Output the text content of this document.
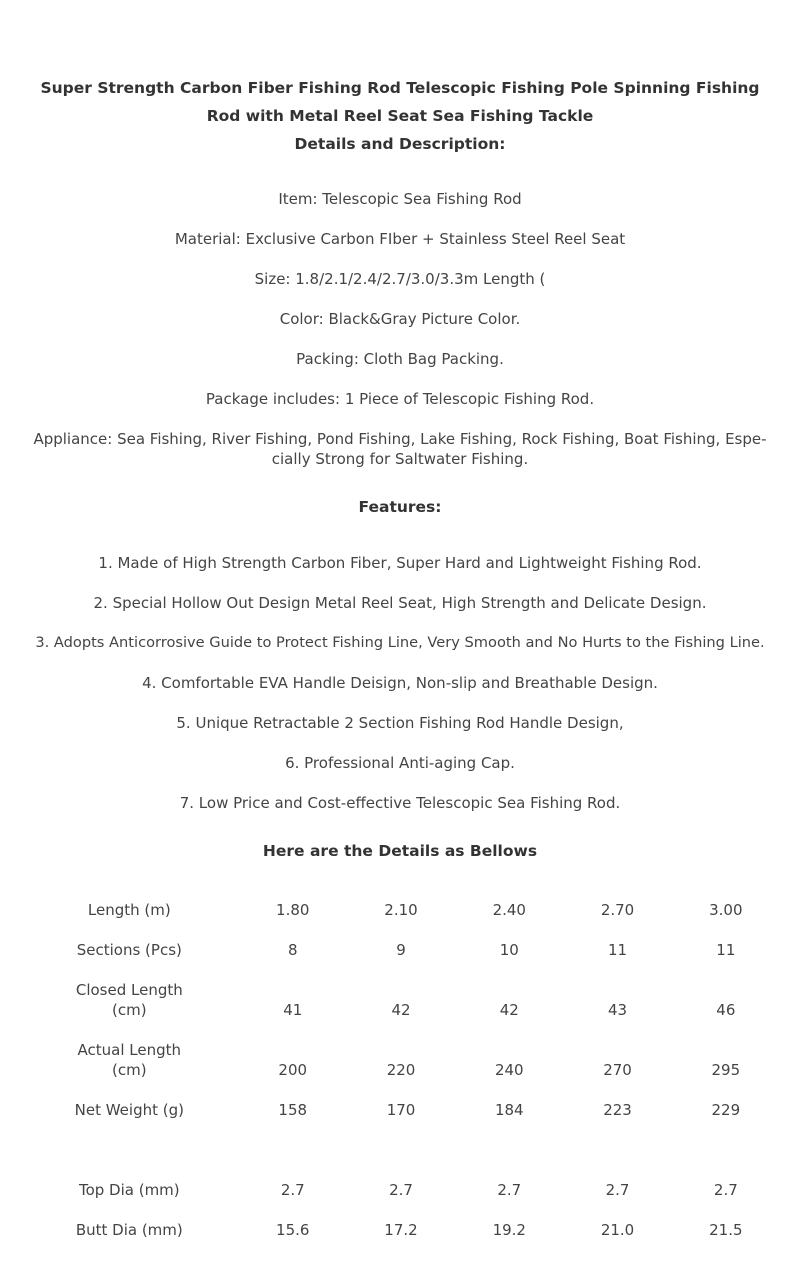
Super Strength Carbon Fiber Fishing Rod Telescopic Fishing Pole Spinning Fishing Rod with Metal Reel Seat Sea Fishing Tackle
Details and Description:
Item: Telescopic Sea Fishing Rod
Material: Exclusive Carbon FIber + Stainless Steel Reel Seat
Size: 1.8/2.1/2.4/2.7/3.0/3.3m Length (
Color: Black&Gray Picture Color.
Packing: Cloth Bag Packing.
Package includes: 1 Piece of Telescopic Fishing Rod.
Appliance: Sea Fishing, River Fishing, Pond Fishing, Lake Fishing, Rock Fishing, Boat Fishing, Espe-cially Strong for Saltwater Fishing.
Features:
1. Made of High Strength Carbon Fiber, Super Hard and Lightweight Fishing Rod.
2. Special Hollow Out Design Metal Reel Seat, High Strength and Delicate Design.
3. Adopts Anticorrosive Guide to Protect Fishing Line, Very Smooth and No Hurts to the Fishing Line.
4. Comfortable EVA Handle Deisign, Non-slip and Breathable Design.
5. Unique Retractable 2 Section Fishing Rod Handle Design,
6. Professional Anti-aging Cap.
7. Low Price and Cost-effective Telescopic Sea Fishing Rod.
Here are the Details as Bellows
Length (m)	1.80	2.10	2.40	2.70	3.00
Sections (Pcs)	8	9	10	11	11
Closed Length (cm)	41	42	42	43	46
Actual Length (cm)	200	220	240	270	295
Net Weight (g)	158	170	184	223	229
Top Dia (mm)	2.7	2.7	2.7	2.7	2.7
Butt Dia (mm)	15.6	17.2	19.2	21.0	21.5
